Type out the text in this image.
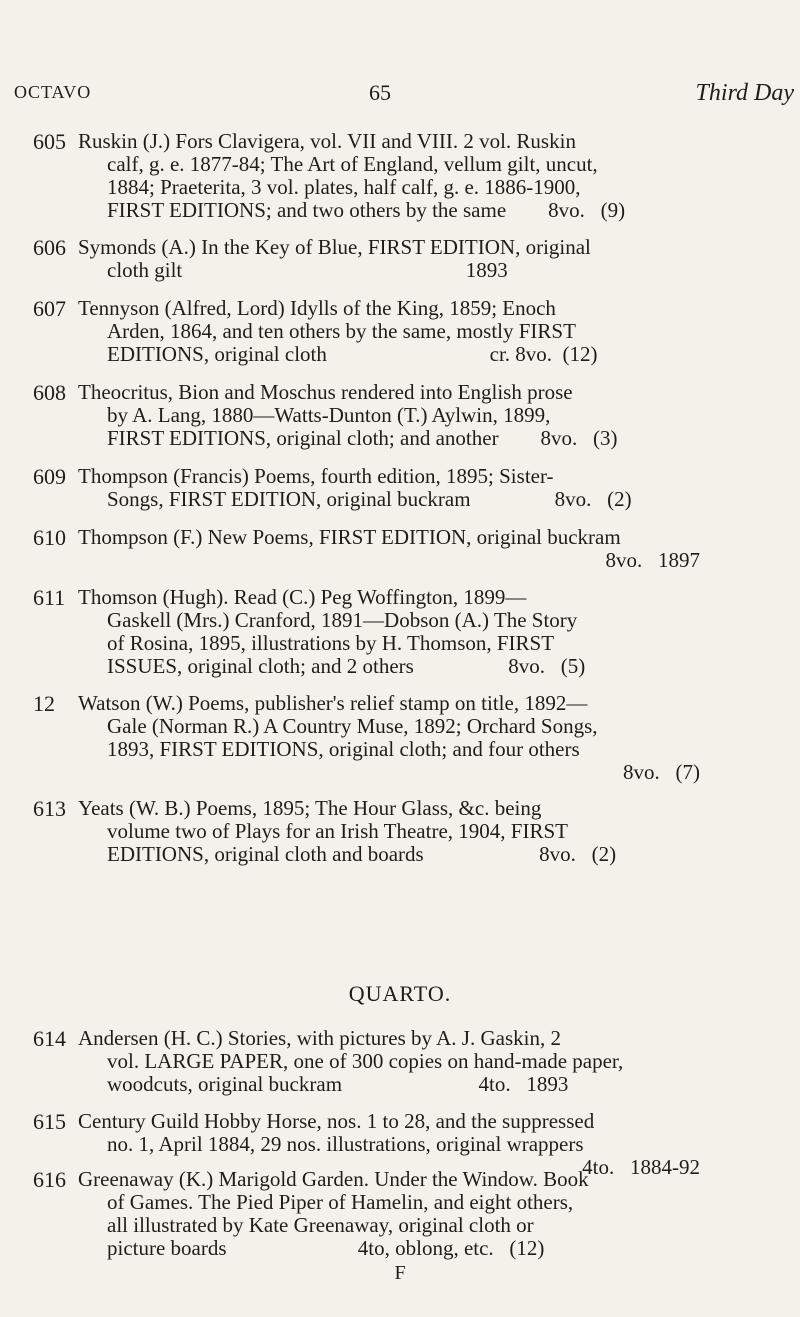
OCTAVO	65	Third Day
605 Ruskin (J.) Fors Clavigera, vol. VII and VIII. 2 vol. Ruskin
calf, g. e. 1877-84; The Art of England, vellum gilt, uncut,
1884; Praeterita, 3 vol. plates, half calf, g. e. 1886-1900,
FIRST EDITIONS; and two others by the same        8vo.   (9)
606 Symonds (A.) In the Key of Blue, FIRST EDITION, original
cloth gilt                                                      1893
607 Tennyson (Alfred, Lord) Idylls of the King, 1859; Enoch
Arden, 1864, and ten others by the same, mostly FIRST
EDITIONS, original cloth                               cr. 8vo.  (12)
608 Theocritus, Bion and Moschus rendered into English prose
by A. Lang, 1880—Watts-Dunton (T.) Aylwin, 1899,
FIRST EDITIONS, original cloth; and another        8vo.   (3)
609 Thompson (Francis) Poems, fourth edition, 1895; Sister-
Songs, FIRST EDITION, original buckram                8vo.   (2)
610 Thompson (F.) New Poems, FIRST EDITION, original buckram
8vo.   1897
611 Thomson (Hugh). Read (C.) Peg Woffington, 1899—
Gaskell (Mrs.) Cranford, 1891—Dobson (A.) The Story
of Rosina, 1895, illustrations by H. Thomson, FIRST
ISSUES, original cloth; and 2 others                  8vo.   (5)
12 Watson (W.) Poems, publisher's relief stamp on title, 1892—
Gale (Norman R.) A Country Muse, 1892; Orchard Songs,
1893, FIRST EDITIONS, original cloth; and four others
8vo.   (7)
613 Yeats (W. B.) Poems, 1895; The Hour Glass, &c. being
volume two of Plays for an Irish Theatre, 1904, FIRST
EDITIONS, original cloth and boards                      8vo.   (2)
QUARTO.
614 Andersen (H. C.) Stories, with pictures by A. J. Gaskin, 2
vol. LARGE PAPER, one of 300 copies on hand-made paper,
woodcuts, original buckram                          4to.   1893
615 Century Guild Hobby Horse, nos. 1 to 28, and the suppressed
no. 1, April 1884, 29 nos. illustrations, original wrappers
4to.   1884-92
616 Greenaway (K.) Marigold Garden. Under the Window. Book
of Games. The Pied Piper of Hamelin, and eight others,
all illustrated by Kate Greenaway, original cloth or
picture boards                         4to, oblong, etc.   (12)
F
